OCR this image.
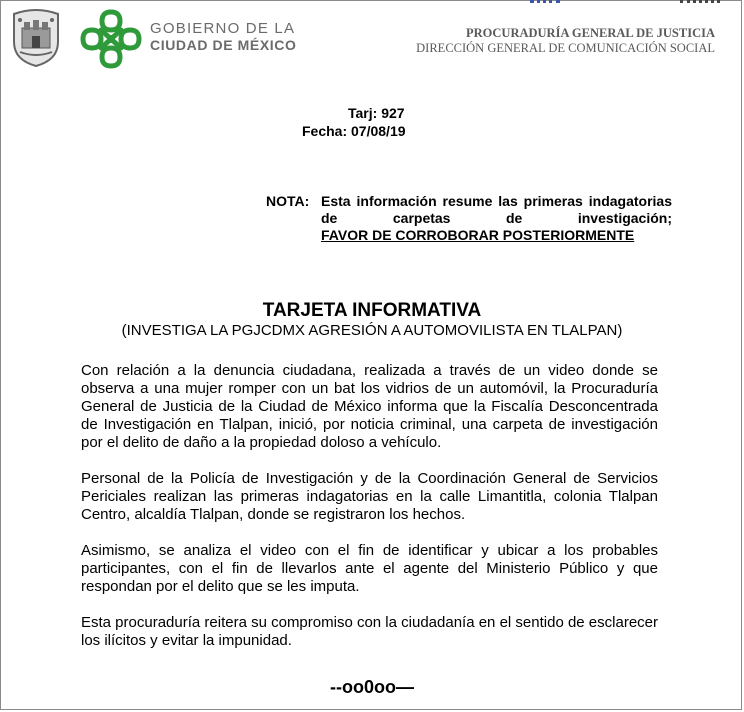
GOBIERNO DE LA
CIUDAD DE MÉXICO
PROCURADURÍA GENERAL DE JUSTICIA
DIRECCIÓN GENERAL DE COMUNICACIÓN SOCIAL
Tarj: 927
Fecha: 07/08/19
NOTA: Esta información resume las primeras indagatorias de carpetas de investigación;
FAVOR DE CORROBORAR POSTERIORMENTE
TARJETA INFORMATIVA
(INVESTIGA LA PGJCDMX AGRESIÓN A AUTOMOVILISTA EN TLALPAN)

Con relación a la denuncia ciudadana, realizada a través de un video donde se observa a una mujer romper con un bat los vidrios de un automóvil, la Procuraduría General de Justicia de la Ciudad de México informa que la Fiscalía Desconcentrada de Investigación en Tlalpan, inició, por noticia criminal, una carpeta de investigación por el delito de daño a la propiedad doloso a vehículo.

Personal de la Policía de Investigación y de la Coordinación General de Servicios Periciales realizan las primeras indagatorias en la calle Limantitla, colonia Tlalpan Centro, alcaldía Tlalpan, donde se registraron los hechos.

Asimismo, se analiza el video con el fin de identificar y ubicar a los probables participantes, con el fin de llevarlos ante el agente del Ministerio Público y que respondan por el delito que se les imputa.

Esta procuraduría reitera su compromiso con la ciudadanía en el sentido de esclarecer los ilícitos y evitar la impunidad.

--oo0oo—
